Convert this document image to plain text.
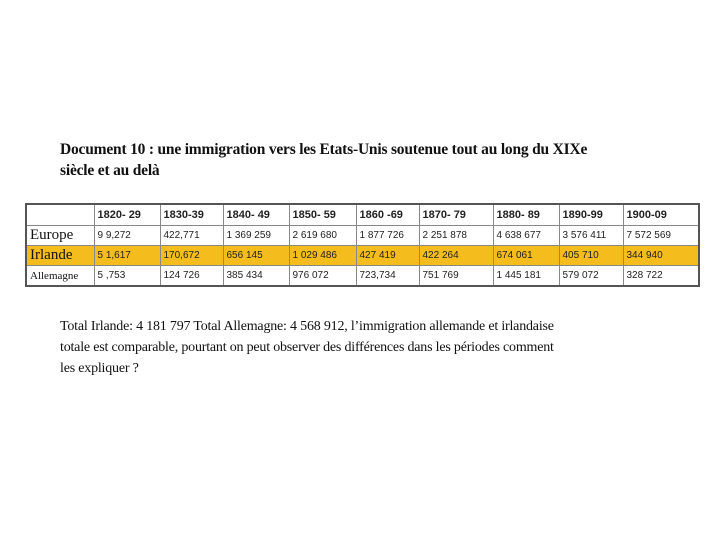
Document 10 : une immigration vers les Etats-Unis soutenue tout au long du XIXe
siècle et au delà
	1820- 29	1830-39	1840- 49	1850- 59	1860 -69	1870- 79	1880- 89	1890-99	1900-09
Europe	9 9,272	422,771	1 369 259	2 619 680	1 877 726	2 251 878	4 638 677	3 576 411	7 572 569
Irlande	5 1,617	170,672	656 145	1 029 486	427 419	422 264	674 061	405 710	344 940
Allemagne	5 ,753	124 726	385 434	976 072	723,734	751 769	1 445 181	579 072	328 722

Total Irlande: 4 181 797 Total Allemagne: 4 568 912, l’immigration allemande et irlandaise

totale est comparable, pourtant on peut observer des différences dans les périodes comment

les expliquer ?
